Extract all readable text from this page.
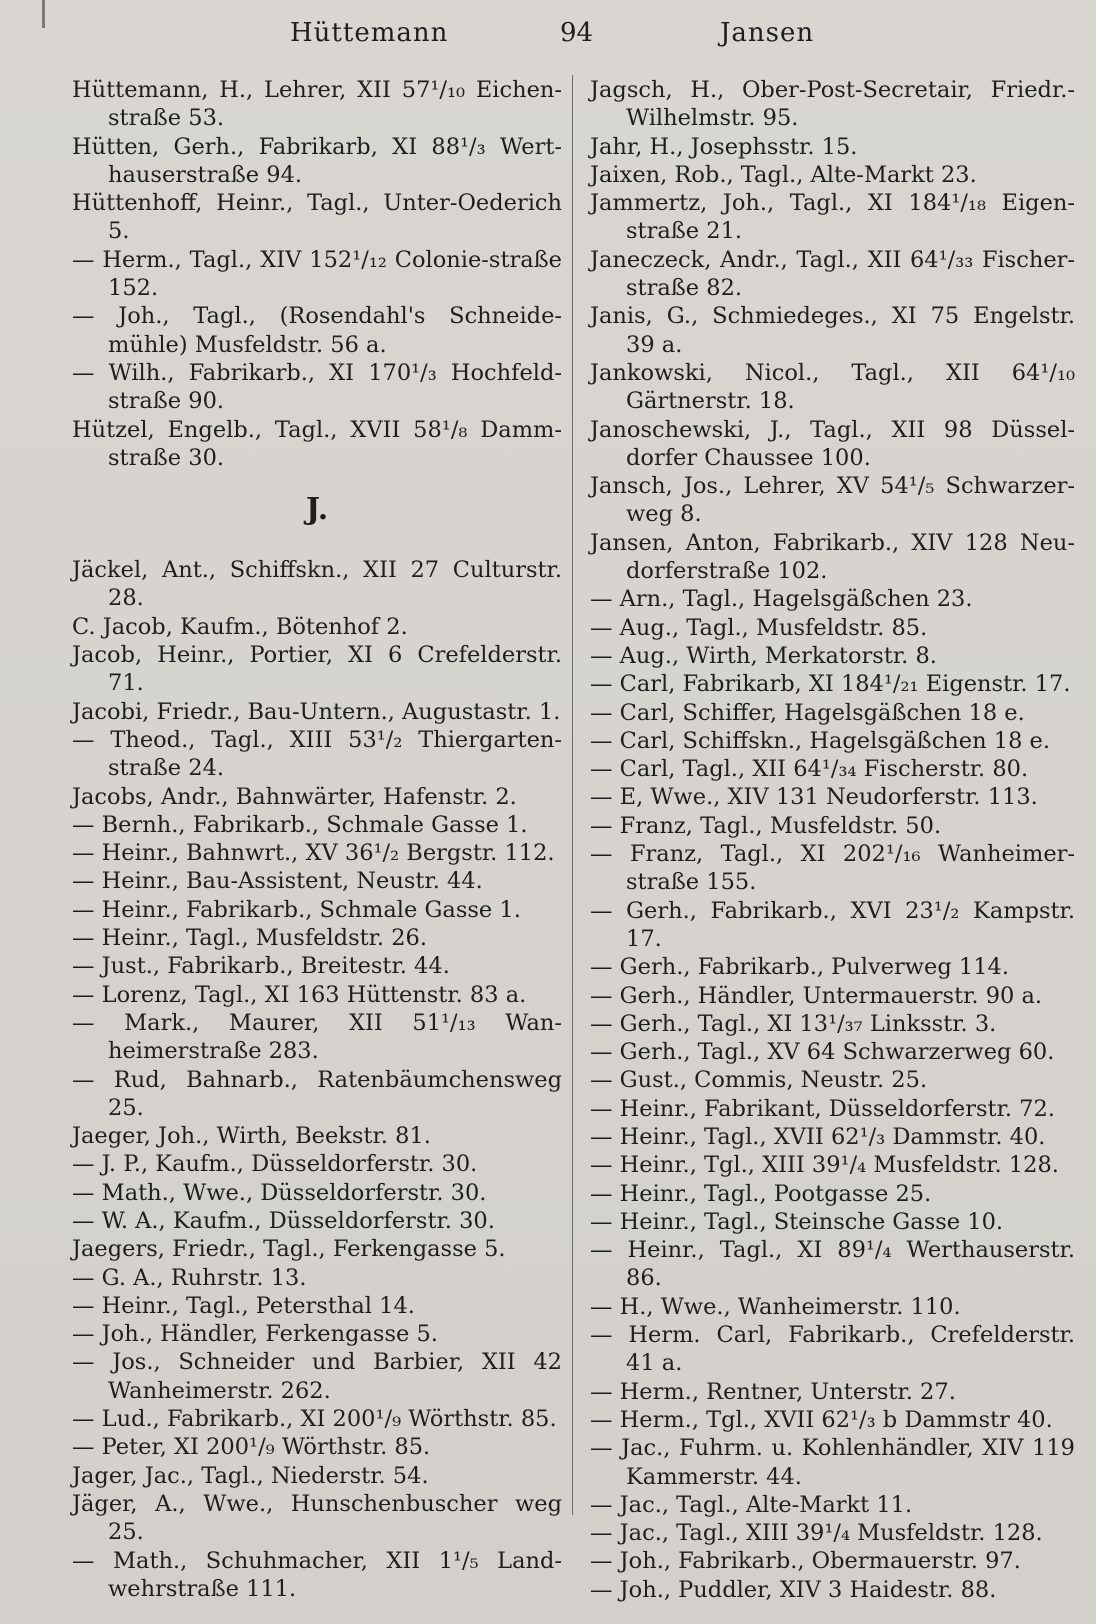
Hüttemann	94	Jansen

Hüttemann, H., Lehrer, XII 57¹/₁₀ Eichen-straße 53.

Hütten, Gerh., Fabrikarb, XI 88¹/₃ Wert-hauserstraße 94.

Hüttenhoff, Heinr., Tagl., Unter-Oederich 5.

— Herm., Tagl., XIV 152¹/₁₂ Colonie-straße 152.

— Joh., Tagl., (Rosendahl's Schneide-mühle) Musfeldstr. 56 a.

— Wilh., Fabrikarb., XI 170¹/₃ Hochfeld-straße 90.

Hützel, Engelb., Tagl., XVII 58¹/₈ Damm-straße 30.

J.

Jäckel, Ant., Schiffskn., XII 27 Culturstr. 28.

C. Jacob, Kaufm., Bötenhof 2.

Jacob, Heinr., Portier, XI 6 Crefelderstr. 71.

Jacobi, Friedr., Bau-Untern., Augustastr. 1.

— Theod., Tagl., XIII 53¹/₂ Thiergarten-straße 24.

Jacobs, Andr., Bahnwärter, Hafenstr. 2.

— Bernh., Fabrikarb., Schmale Gasse 1.

— Heinr., Bahnwrt., XV 36¹/₂ Bergstr. 112.

— Heinr., Bau-Assistent, Neustr. 44.

— Heinr., Fabrikarb., Schmale Gasse 1.

— Heinr., Tagl., Musfeldstr. 26.

— Just., Fabrikarb., Breitestr. 44.

— Lorenz, Tagl., XI 163 Hüttenstr. 83 a.

— Mark., Maurer, XII 51¹/₁₃ Wan-heimerstraße 283.

— Rud, Bahnarb., Ratenbäumchensweg 25.

Jaeger, Joh., Wirth, Beekstr. 81.

— J. P., Kaufm., Düsseldorferstr. 30.

— Math., Wwe., Düsseldorferstr. 30.

— W. A., Kaufm., Düsseldorferstr. 30.

Jaegers, Friedr., Tagl., Ferkengasse 5.

— G. A., Ruhrstr. 13.

— Heinr., Tagl., Petersthal 14.

— Joh., Händler, Ferkengasse 5.

— Jos., Schneider und Barbier, XII 42 Wanheimerstr. 262.

— Lud., Fabrikarb., XI 200¹/₉ Wörthstr. 85.

— Peter, XI 200¹/₉ Wörthstr. 85.

Jager, Jac., Tagl., Niederstr. 54.

Jäger, A., Wwe., Hunschenbuscher weg 25.

— Math., Schuhmacher, XII 1¹/₅ Land-wehrstraße 111.

Jagsch, H., Ober-Post-Secretair, Friedr.-Wilhelmstr. 95.

Jahr, H., Josephsstr. 15.

Jaixen, Rob., Tagl., Alte-Markt 23.

Jammertz, Joh., Tagl., XI 184¹/₁₈ Eigen-straße 21.

Janeczeck, Andr., Tagl., XII 64¹/₃₃ Fischer-straße 82.

Janis, G., Schmiedeges., XI 75 Engelstr. 39 a.

Jankowski, Nicol., Tagl., XII 64¹/₁₀ Gärtnerstr. 18.

Janoschewski, J., Tagl., XII 98 Düssel-dorfer Chaussee 100.

Jansch, Jos., Lehrer, XV 54¹/₅ Schwarzer-weg 8.

Jansen, Anton, Fabrikarb., XIV 128 Neu-dorferstraße 102.

— Arn., Tagl., Hagelsgäßchen 23.

— Aug., Tagl., Musfeldstr. 85.

— Aug., Wirth, Merkatorstr. 8.

— Carl, Fabrikarb, XI 184¹/₂₁ Eigenstr. 17.

— Carl, Schiffer, Hagelsgäßchen 18 e.

— Carl, Schiffskn., Hagelsgäßchen 18 e.

— Carl, Tagl., XII 64¹/₃₄ Fischerstr. 80.

— E, Wwe., XIV 131 Neudorferstr. 113.

— Franz, Tagl., Musfeldstr. 50.

— Franz, Tagl., XI 202¹/₁₆ Wanheimer-straße 155.

— Gerh., Fabrikarb., XVI 23¹/₂ Kampstr. 17.

— Gerh., Fabrikarb., Pulverweg 114.

— Gerh., Händler, Untermauerstr. 90 a.

— Gerh., Tagl., XI 13¹/₃₇ Linksstr. 3.

— Gerh., Tagl., XV 64 Schwarzerweg 60.

— Gust., Commis, Neustr. 25.

— Heinr., Fabrikant, Düsseldorferstr. 72.

— Heinr., Tagl., XVII 62¹/₃ Dammstr. 40.

— Heinr., Tgl., XIII 39¹/₄ Musfeldstr. 128.

— Heinr., Tagl., Pootgasse 25.

— Heinr., Tagl., Steinsche Gasse 10.

— Heinr., Tagl., XI 89¹/₄ Werthauserstr. 86.

— H., Wwe., Wanheimerstr. 110.

— Herm. Carl, Fabrikarb., Crefelderstr. 41 a.

— Herm., Rentner, Unterstr. 27.

— Herm., Tgl., XVII 62¹/₃ b Dammstr 40.

— Jac., Fuhrm. u. Kohlenhändler, XIV 119 Kammerstr. 44.

— Jac., Tagl., Alte-Markt 11.

— Jac., Tagl., XIII 39¹/₄ Musfeldstr. 128.

— Joh., Fabrikarb., Obermauerstr. 97.

— Joh., Puddler, XIV 3 Haidestr. 88.
